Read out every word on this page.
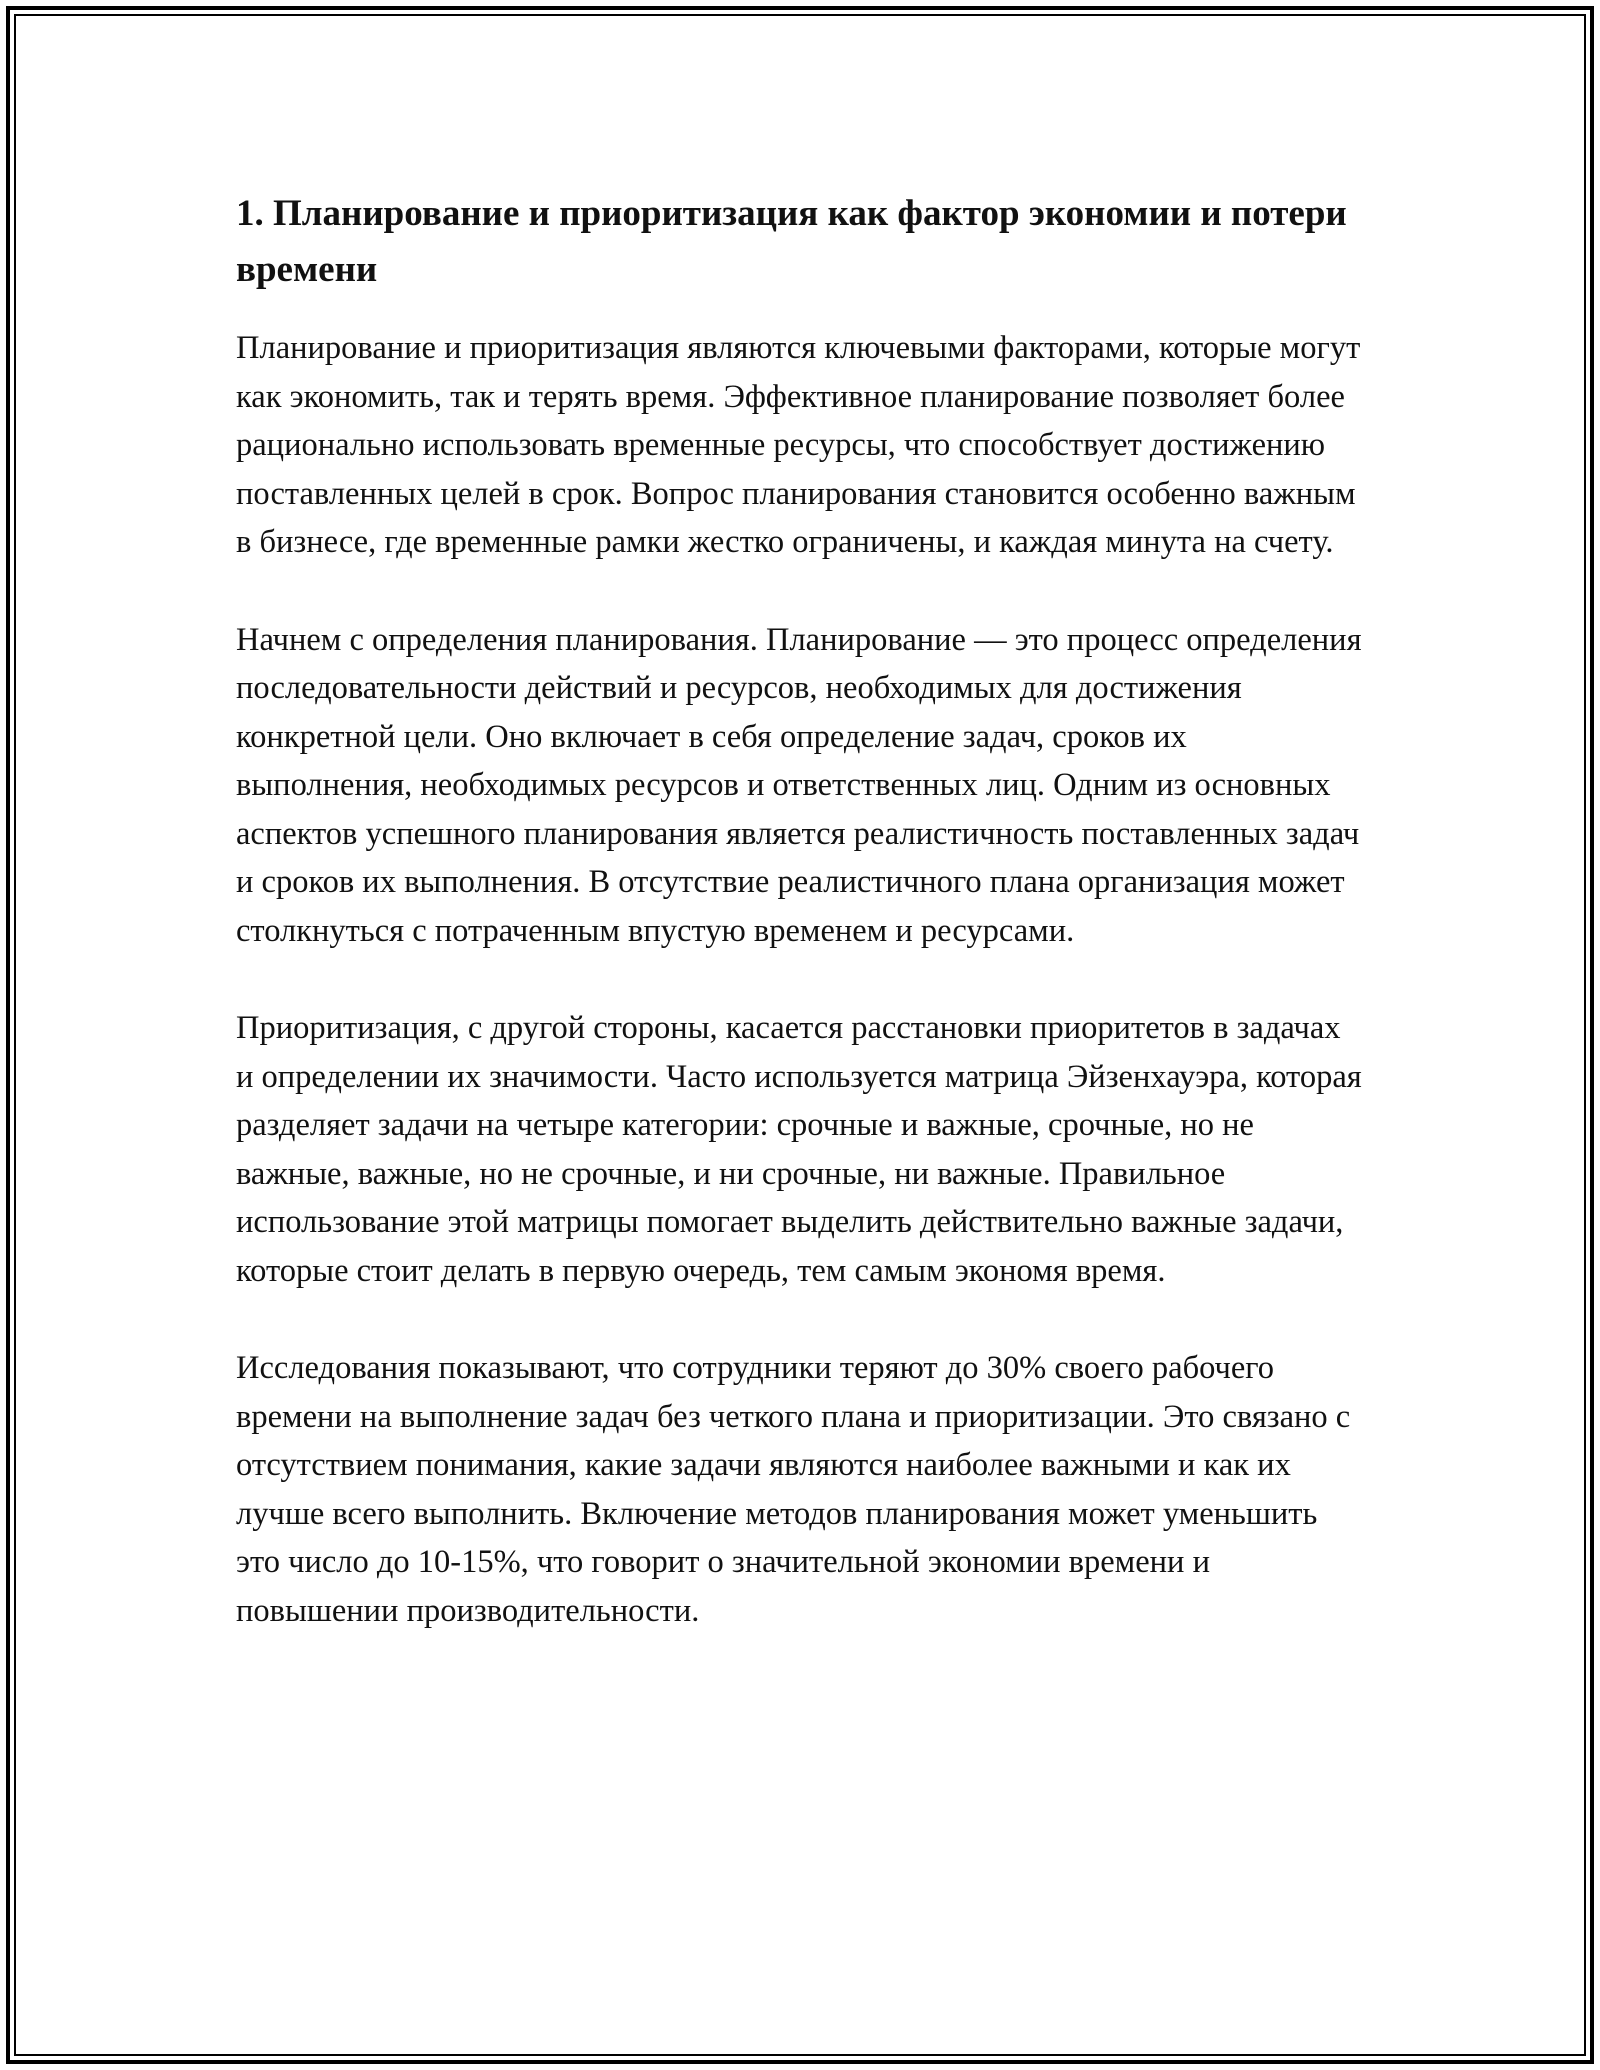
1. Планирование и приоритизация как фактор экономии и потери времени

Планирование и приоритизация являются ключевыми факторами, которые могут как экономить, так и терять время. Эффективное планирование позволяет более рационально использовать временные ресурсы, что способствует достижению поставленных целей в срок. Вопрос планирования становится особенно важным в бизнесе, где временные рамки жестко ограничены, и каждая минута на счету.

Начнем с определения планирования. Планирование — это процесс определения последовательности действий и ресурсов, необходимых для достижения конкретной цели. Оно включает в себя определение задач, сроков их выполнения, необходимых ресурсов и ответственных лиц. Одним из основных аспектов успешного планирования является реалистичность поставленных задач и сроков их выполнения. В отсутствие реалистичного плана организация может столкнуться с потраченным впустую временем и ресурсами.

Приоритизация, с другой стороны, касается расстановки приоритетов в задачах и определении их значимости. Часто используется матрица Эйзенхауэра, которая разделяет задачи на четыре категории: срочные и важные, срочные, но не важные, важные, но не срочные, и ни срочные, ни важные. Правильное использование этой матрицы помогает выделить действительно важные задачи, которые стоит делать в первую очередь, тем самым экономя время.

Исследования показывают, что сотрудники теряют до 30% своего рабочего времени на выполнение задач без четкого плана и приоритизации. Это связано с отсутствием понимания, какие задачи являются наиболее важными и как их лучше всего выполнить. Включение методов планирования может уменьшить это число до 10-15%, что говорит о значительной экономии времени и повышении производительности.
